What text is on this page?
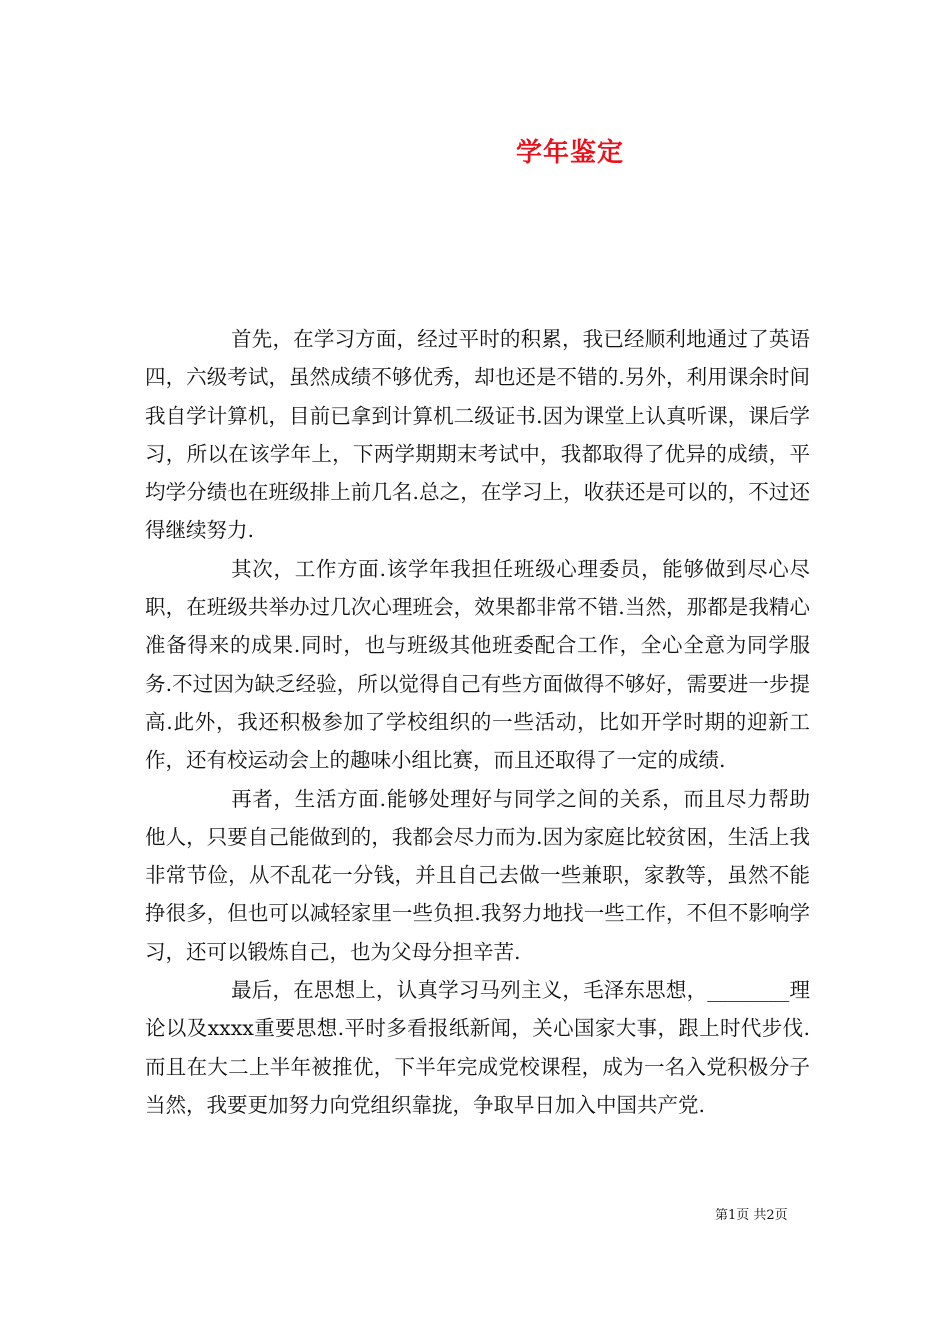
学年鉴定

首先，在学习方面，经过平时的积累，我已经顺利地通过了英语四，六级考试，虽然成绩不够优秀，却也还是不错的.另外，利用课余时间我自学计算机，目前已拿到计算机二级证书.因为课堂上认真听课，课后学习，所以在该学年上，下两学期期末考试中，我都取得了优异的成绩，平均学分绩也在班级排上前几名.总之，在学习上，收获还是可以的，不过还得继续努力.

其次，工作方面.该学年我担任班级心理委员，能够做到尽心尽职，在班级共举办过几次心理班会，效果都非常不错.当然，那都是我精心准备得来的成果.同时，也与班级其他班委配合工作，全心全意为同学服务.不过因为缺乏经验，所以觉得自己有些方面做得不够好，需要进一步提高.此外，我还积极参加了学校组织的一些活动，比如开学时期的迎新工作，还有校运动会上的趣味小组比赛，而且还取得了一定的成绩.

再者，生活方面.能够处理好与同学之间的关系，而且尽力帮助他人，只要自己能做到的，我都会尽力而为.因为家庭比较贫困，生活上我非常节俭，从不乱花一分钱，并且自己去做一些兼职，家教等，虽然不能挣很多，但也可以减轻家里一些负担.我努力地找一些工作，不但不影响学习，还可以锻炼自己，也为父母分担辛苦.

最后，在思想上，认真学习马列主义，毛泽东思想，________理论以及xxxx重要思想.平时多看报纸新闻，关心国家大事，跟上时代步伐.而且在大二上半年被推优，下半年完成党校课程，成为一名入党积极分子当然，我要更加努力向党组织靠拢，争取早日加入中国共产党.

第1页 共2页
